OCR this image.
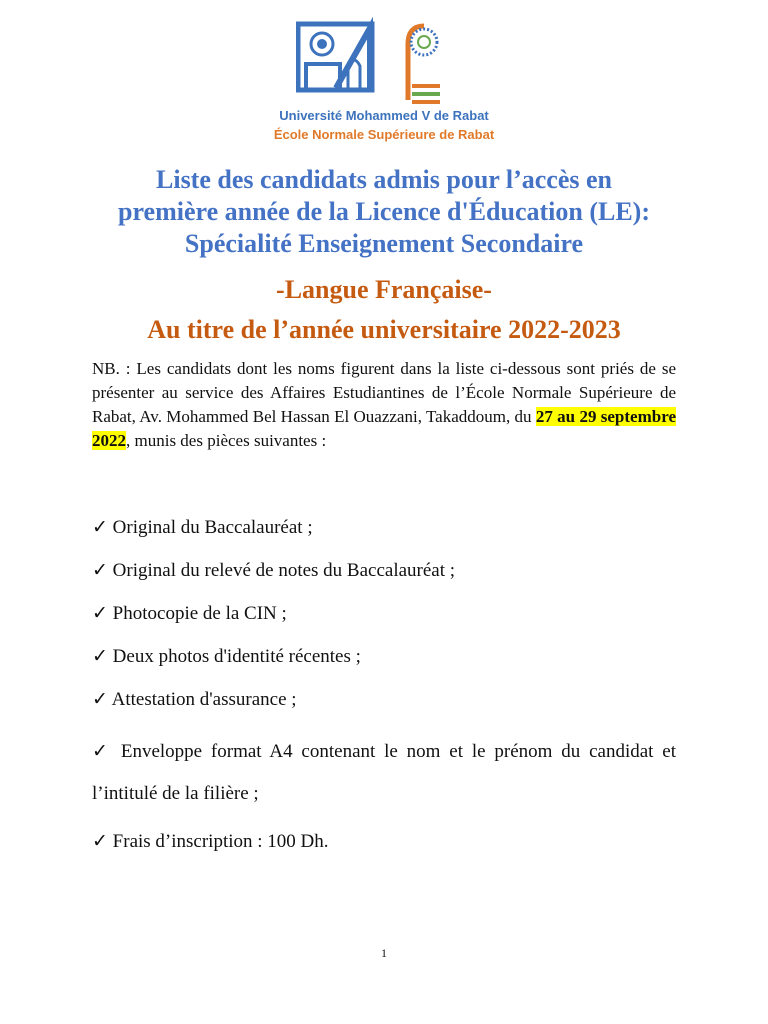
Université Mohammed V de Rabat
École Normale Supérieure de Rabat
Liste des candidats admis pour l’accès en
première année de la Licence d'Éducation (LE):
Spécialité Enseignement Secondaire
-Langue Française-
Au titre de l’année universitaire 2022-2023

NB. : Les candidats dont les noms figurent dans la liste ci-dessous sont priés de se présenter au service des Affaires Estudiantines de l’École Normale Supérieure de Rabat, Av. Mohammed Bel Hassan El Ouazzani, Takaddoum, du 27 au 29 septembre 2022, munis des pièces suivantes :

✓ Original du Baccalauréat ;
✓ Original du relevé de notes du Baccalauréat ;
✓ Photocopie de la CIN ;
✓ Deux photos d'identité récentes ;
✓ Attestation d'assurance ;
✓ Enveloppe format A4 contenant le nom et le prénom du candidat et l’intitulé de la filière ;
✓ Frais d’inscription : 100 Dh.
1
